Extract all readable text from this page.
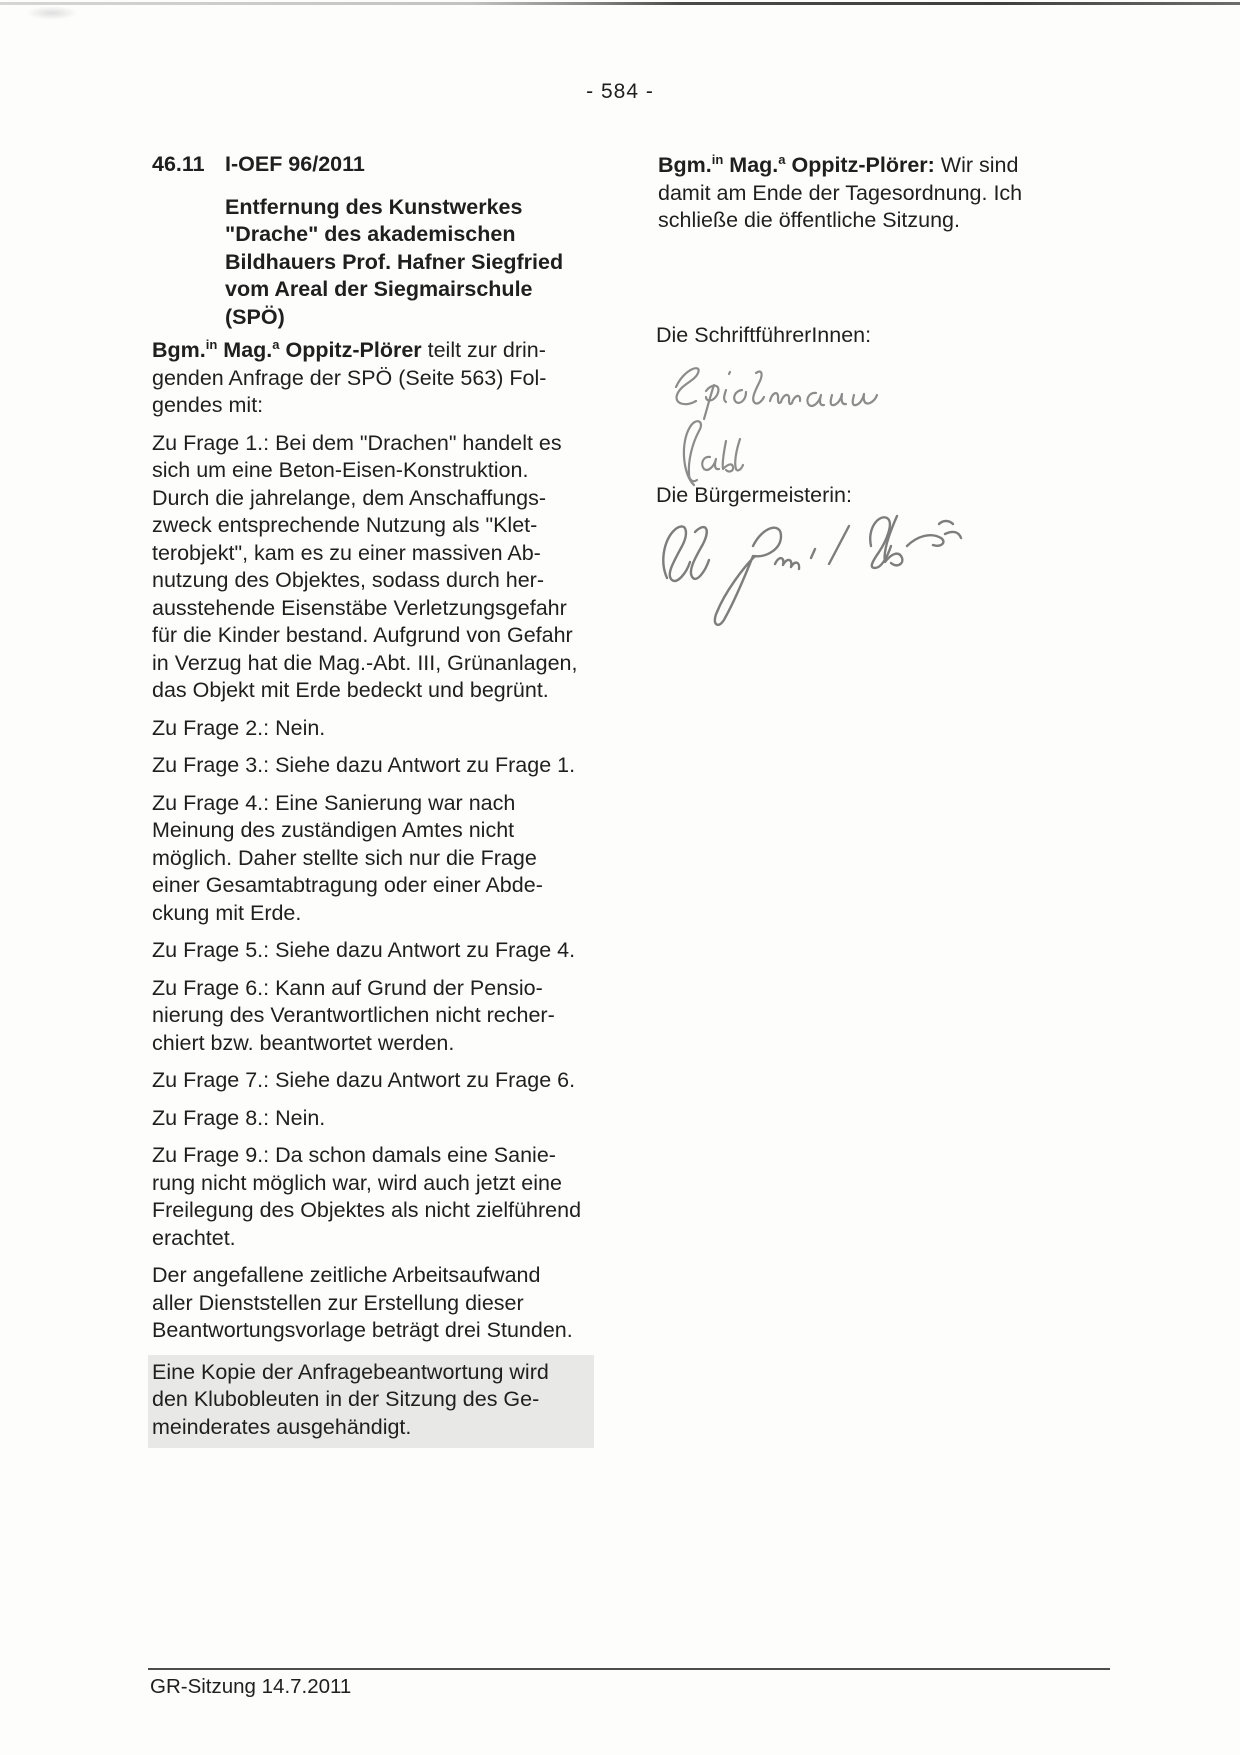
- 584 -
46.11 I-OEF 96/2011
Entfernung des Kunstwerkes
"Drache" des akademischen
Bildhauers Prof. Hafner Siegfried
vom Areal der Siegmairschule
(SPÖ)

Bgm.$^{in}$ Mag.$^a$ Oppitz-Plörer teilt zur dringenden Anfrage der SPÖ (Seite 563) Folgendes mit:

Zu Frage 1.: Bei dem "Drachen" handelt es sich um eine Beton-Eisen-Konstruktion. Durch die jahrelange, dem Anschaffungszweck entsprechende Nutzung als "Kletterobjekt", kam es zu einer massiven Abnutzung des Objektes, sodass durch herausstehende Eisenstäbe Verletzungsgefahr für die Kinder bestand. Aufgrund von Gefahr in Verzug hat die Mag.-Abt. III, Grünanlagen, das Objekt mit Erde bedeckt und begrünt.

Zu Frage 2.: Nein.

Zu Frage 3.: Siehe dazu Antwort zu Frage 1.

Zu Frage 4.: Eine Sanierung war nach Meinung des zuständigen Amtes nicht möglich. Daher stellte sich nur die Frage einer Gesamtabtragung oder einer Abdeckung mit Erde.

Zu Frage 5.: Siehe dazu Antwort zu Frage 4.

Zu Frage 6.: Kann auf Grund der Pensionierung des Verantwortlichen nicht recherchiert bzw. beantwortet werden.

Zu Frage 7.: Siehe dazu Antwort zu Frage 6.

Zu Frage 8.: Nein.

Zu Frage 9.: Da schon damals eine Sanierung nicht möglich war, wird auch jetzt eine Freilegung des Objektes als nicht zielführend erachtet.

Der angefallene zeitliche Arbeitsaufwand aller Dienststellen zur Erstellung dieser Beantwortungsvorlage beträgt drei Stunden.

Eine Kopie der Anfragebeantwortung wird den Klubobleuten in der Sitzung des Gemeinderates ausgehändigt.

Bgm.$^{in}$ Mag.$^a$ Oppitz-Plörer: Wir sind damit am Ende der Tagesordnung. Ich schließe die öffentliche Sitzung.

Die SchriftführerInnen:
Die Bürgermeisterin:
GR-Sitzung 14.7.2011
